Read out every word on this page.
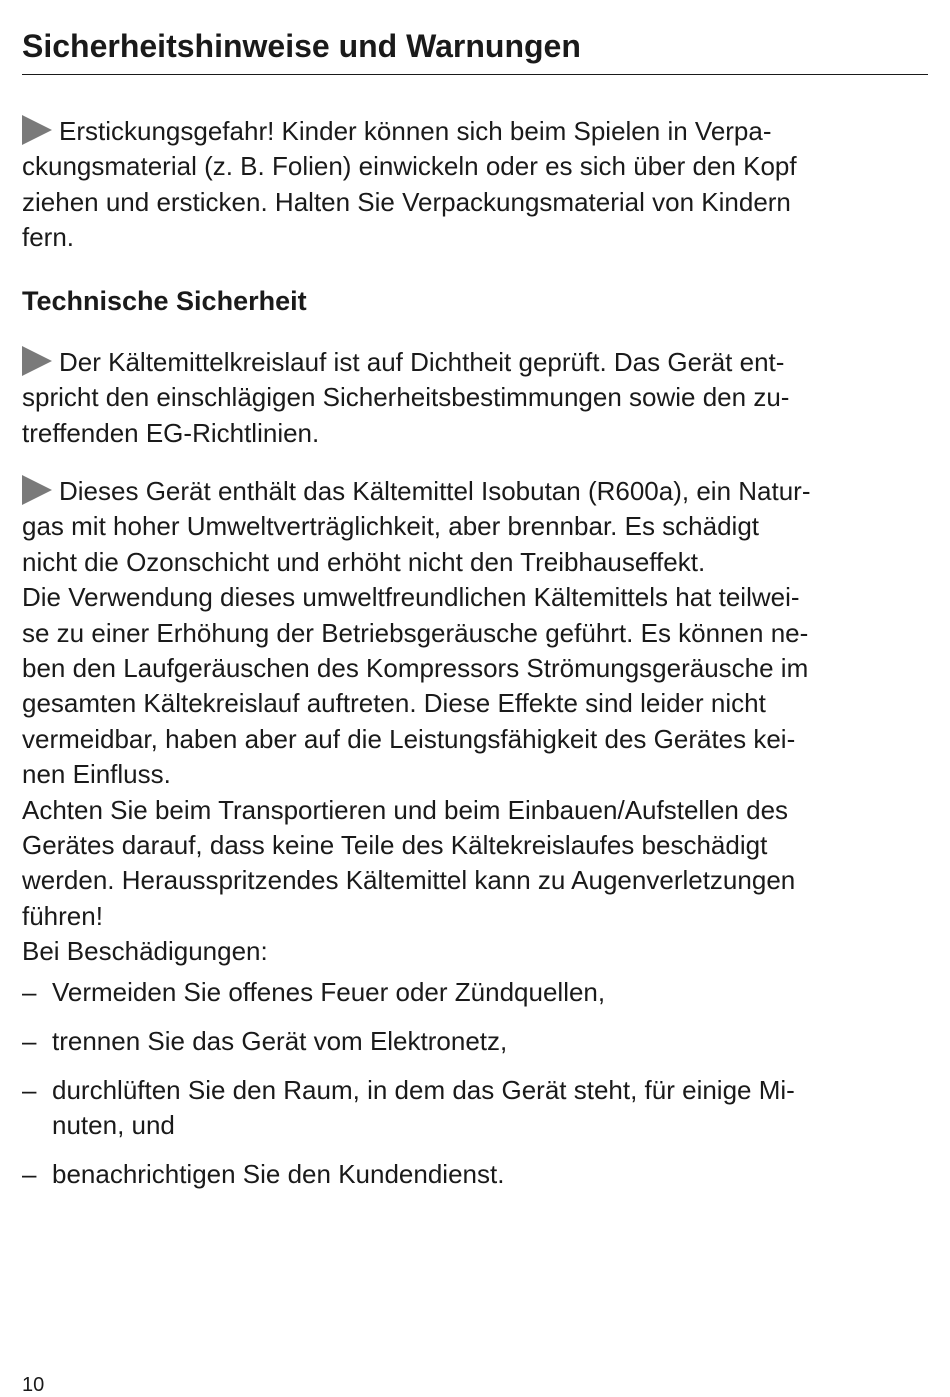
Sicherheitshinweise und Warnungen
Erstickungsgefahr! Kinder können sich beim Spielen in Verpa-
ckungsmaterial (z. B. Folien) einwickeln oder es sich über den Kopf
ziehen und ersticken. Halten Sie Verpackungsmaterial von Kindern
fern.
Technische Sicherheit
Der Kältemittelkreislauf ist auf Dichtheit geprüft. Das Gerät ent-
spricht den einschlägigen Sicherheitsbestimmungen sowie den zu-
treffenden EG-Richtlinien.
Dieses Gerät enthält das Kältemittel Isobutan (R600a), ein Natur-
gas mit hoher Umweltverträglichkeit, aber brennbar. Es schädigt
nicht die Ozonschicht und erhöht nicht den Treibhauseffekt.
Die Verwendung dieses umweltfreundlichen Kältemittels hat teilwei-
se zu einer Erhöhung der Betriebsgeräusche geführt. Es können ne-
ben den Laufgeräuschen des Kompressors Strömungsgeräusche im
gesamten Kältekreislauf auftreten. Diese Effekte sind leider nicht
vermeidbar, haben aber auf die Leistungsfähigkeit des Gerätes kei-
nen Einfluss.
Achten Sie beim Transportieren und beim Einbauen/Aufstellen des
Gerätes darauf, dass keine Teile des Kältekreislaufes beschädigt
werden. Herausspritzendes Kältemittel kann zu Augenverletzungen
führen!
Bei Beschädigungen:
– Vermeiden Sie offenes Feuer oder Zündquellen,
– trennen Sie das Gerät vom Elektronetz,
– durchlüften Sie den Raum, in dem das Gerät steht, für einige Mi-
nuten, und
– benachrichtigen Sie den Kundendienst.
10
